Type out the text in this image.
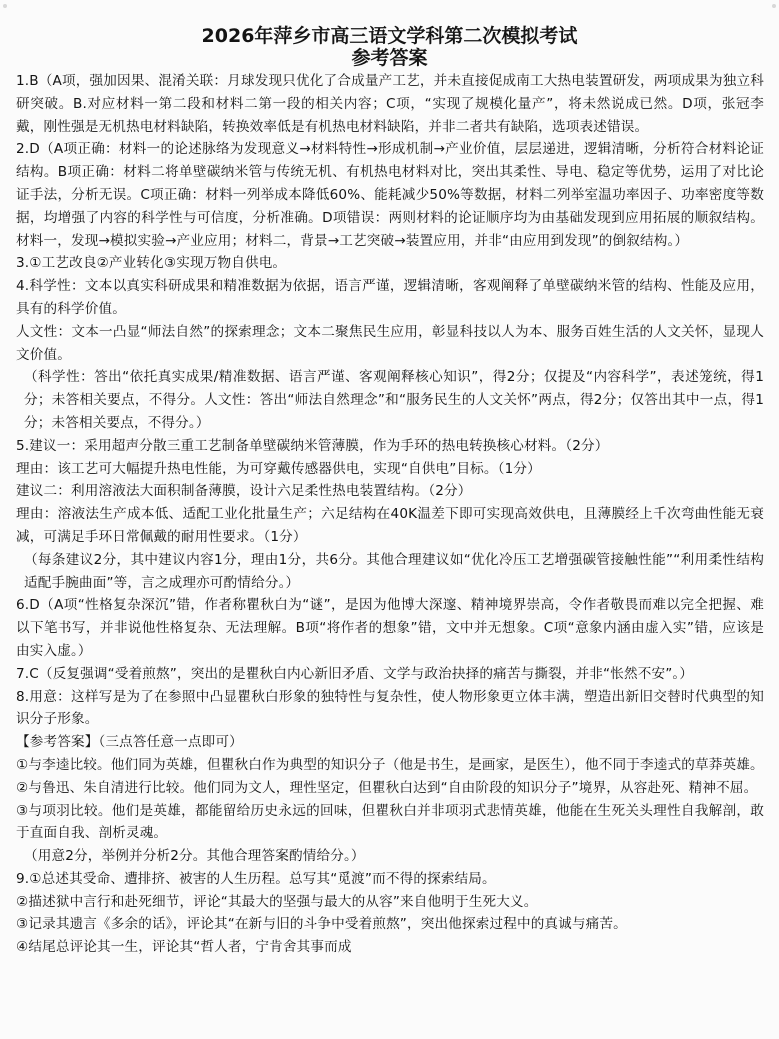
2026年萍乡市高三语文学科第二次模拟考试
参考答案

1.B（A项，强加因果、混淆关联：月球发现只优化了合成量产工艺，并未直接促成南工大热电装置研发，两项成果为独立科研突破。B.对应材料一第二段和材料二第一段的相关内容；C项，“实现了规模化量产”，将未然说成已然。D项，张冠李戴，刚性强是无机热电材料缺陷，转换效率低是有机热电材料缺陷，并非二者共有缺陷，选项表述错误。

2.D（A项正确：材料一的论述脉络为发现意义→材料特性→形成机制→产业价值，层层递进，逻辑清晰，分析符合材料论证结构。B项正确：材料二将单壁碳纳米管与传统无机、有机热电材料对比，突出其柔性、导电、稳定等优势，运用了对比论证手法，分析无误。C项正确：材料一列举成本降低60%、能耗减少50%等数据，材料二列举室温功率因子、功率密度等数据，均增强了内容的科学性与可信度，分析准确。D项错误：两则材料的论证顺序均为由基础发现到应用拓展的顺叙结构。材料一，发现→模拟实验→产业应用；材料二，背景→工艺突破→装置应用，并非“由应用到发现”的倒叙结构。）

3.①工艺改良②产业转化③实现万物自供电。

4.科学性：文本以真实科研成果和精准数据为依据，语言严谨，逻辑清晰，客观阐释了单壁碳纳米管的结构、性能及应用，具有的科学价值。

人文性：文本一凸显“师法自然”的探索理念；文本二聚焦民生应用，彰显科技以人为本、服务百姓生活的人文关怀，显现人文价值。

（科学性：答出“依托真实成果/精准数据、语言严谨、客观阐释核心知识”，得2分；仅提及“内容科学”，表述笼统，得1分；未答相关要点，不得分。人文性：答出“师法自然理念”和“服务民生的人文关怀”两点，得2分；仅答出其中一点，得1分；未答相关要点，不得分。）

5.建议一：采用超声分散三重工艺制备单壁碳纳米管薄膜，作为手环的热电转换核心材料。（2分）

理由：该工艺可大幅提升热电性能，为可穿戴传感器供电，实现“自供电”目标。（1分）

建议二：利用溶液法大面积制备薄膜，设计六足柔性热电装置结构。（2分）

理由：溶液法生产成本低、适配工业化批量生产；六足结构在40K温差下即可实现高效供电，且薄膜经上千次弯曲性能无衰减，可满足手环日常佩戴的耐用性要求。（1分）

（每条建议2分，其中建议内容1分，理由1分，共6分。其他合理建议如“优化冷压工艺增强碳管接触性能”“利用柔性结构适配手腕曲面”等，言之成理亦可酌情给分。）

6.D（A项“性格复杂深沉”错，作者称瞿秋白为“谜”，是因为他博大深邃、精神境界崇高，令作者敬畏而难以完全把握、难以下笔书写，并非说他性格复杂、无法理解。B项“将作者的想象”错，文中并无想象。C项“意象内涵由虚入实”错，应该是由实入虚。）

7.C（反复强调“受着煎熬”，突出的是瞿秋白内心新旧矛盾、文学与政治抉择的痛苦与撕裂，并非“怅然不安”。）

8.用意：这样写是为了在参照中凸显瞿秋白形象的独特性与复杂性，使人物形象更立体丰满，塑造出新旧交替时代典型的知识分子形象。

【参考答案】（三点答任意一点即可）

①与李逵比较。他们同为英雄，但瞿秋白作为典型的知识分子（他是书生，是画家，是医生），他不同于李逵式的草莽英雄。

②与鲁迅、朱自清进行比较。他们同为文人，理性坚定，但瞿秋白达到“自由阶段的知识分子”境界，从容赴死、精神不屈。

③与项羽比较。他们是英雄，都能留给历史永远的回味，但瞿秋白并非项羽式悲情英雄，他能在生死关头理性自我解剖，敢于直面自我、剖析灵魂。

（用意2分，举例并分析2分。其他合理答案酌情给分。）

9.①总述其受命、遭排挤、被害的人生历程。总写其“觅渡”而不得的探索结局。

②描述狱中言行和赴死细节，评论“其最大的坚强与最大的从容”来自他明于生死大义。

③记录其遗言《多余的话》，评论其“在新与旧的斗争中受着煎熬”，突出他探索过程中的真诚与痛苦。

④结尾总评论其一生，评论其“哲人者，宁肯舍其事而成
